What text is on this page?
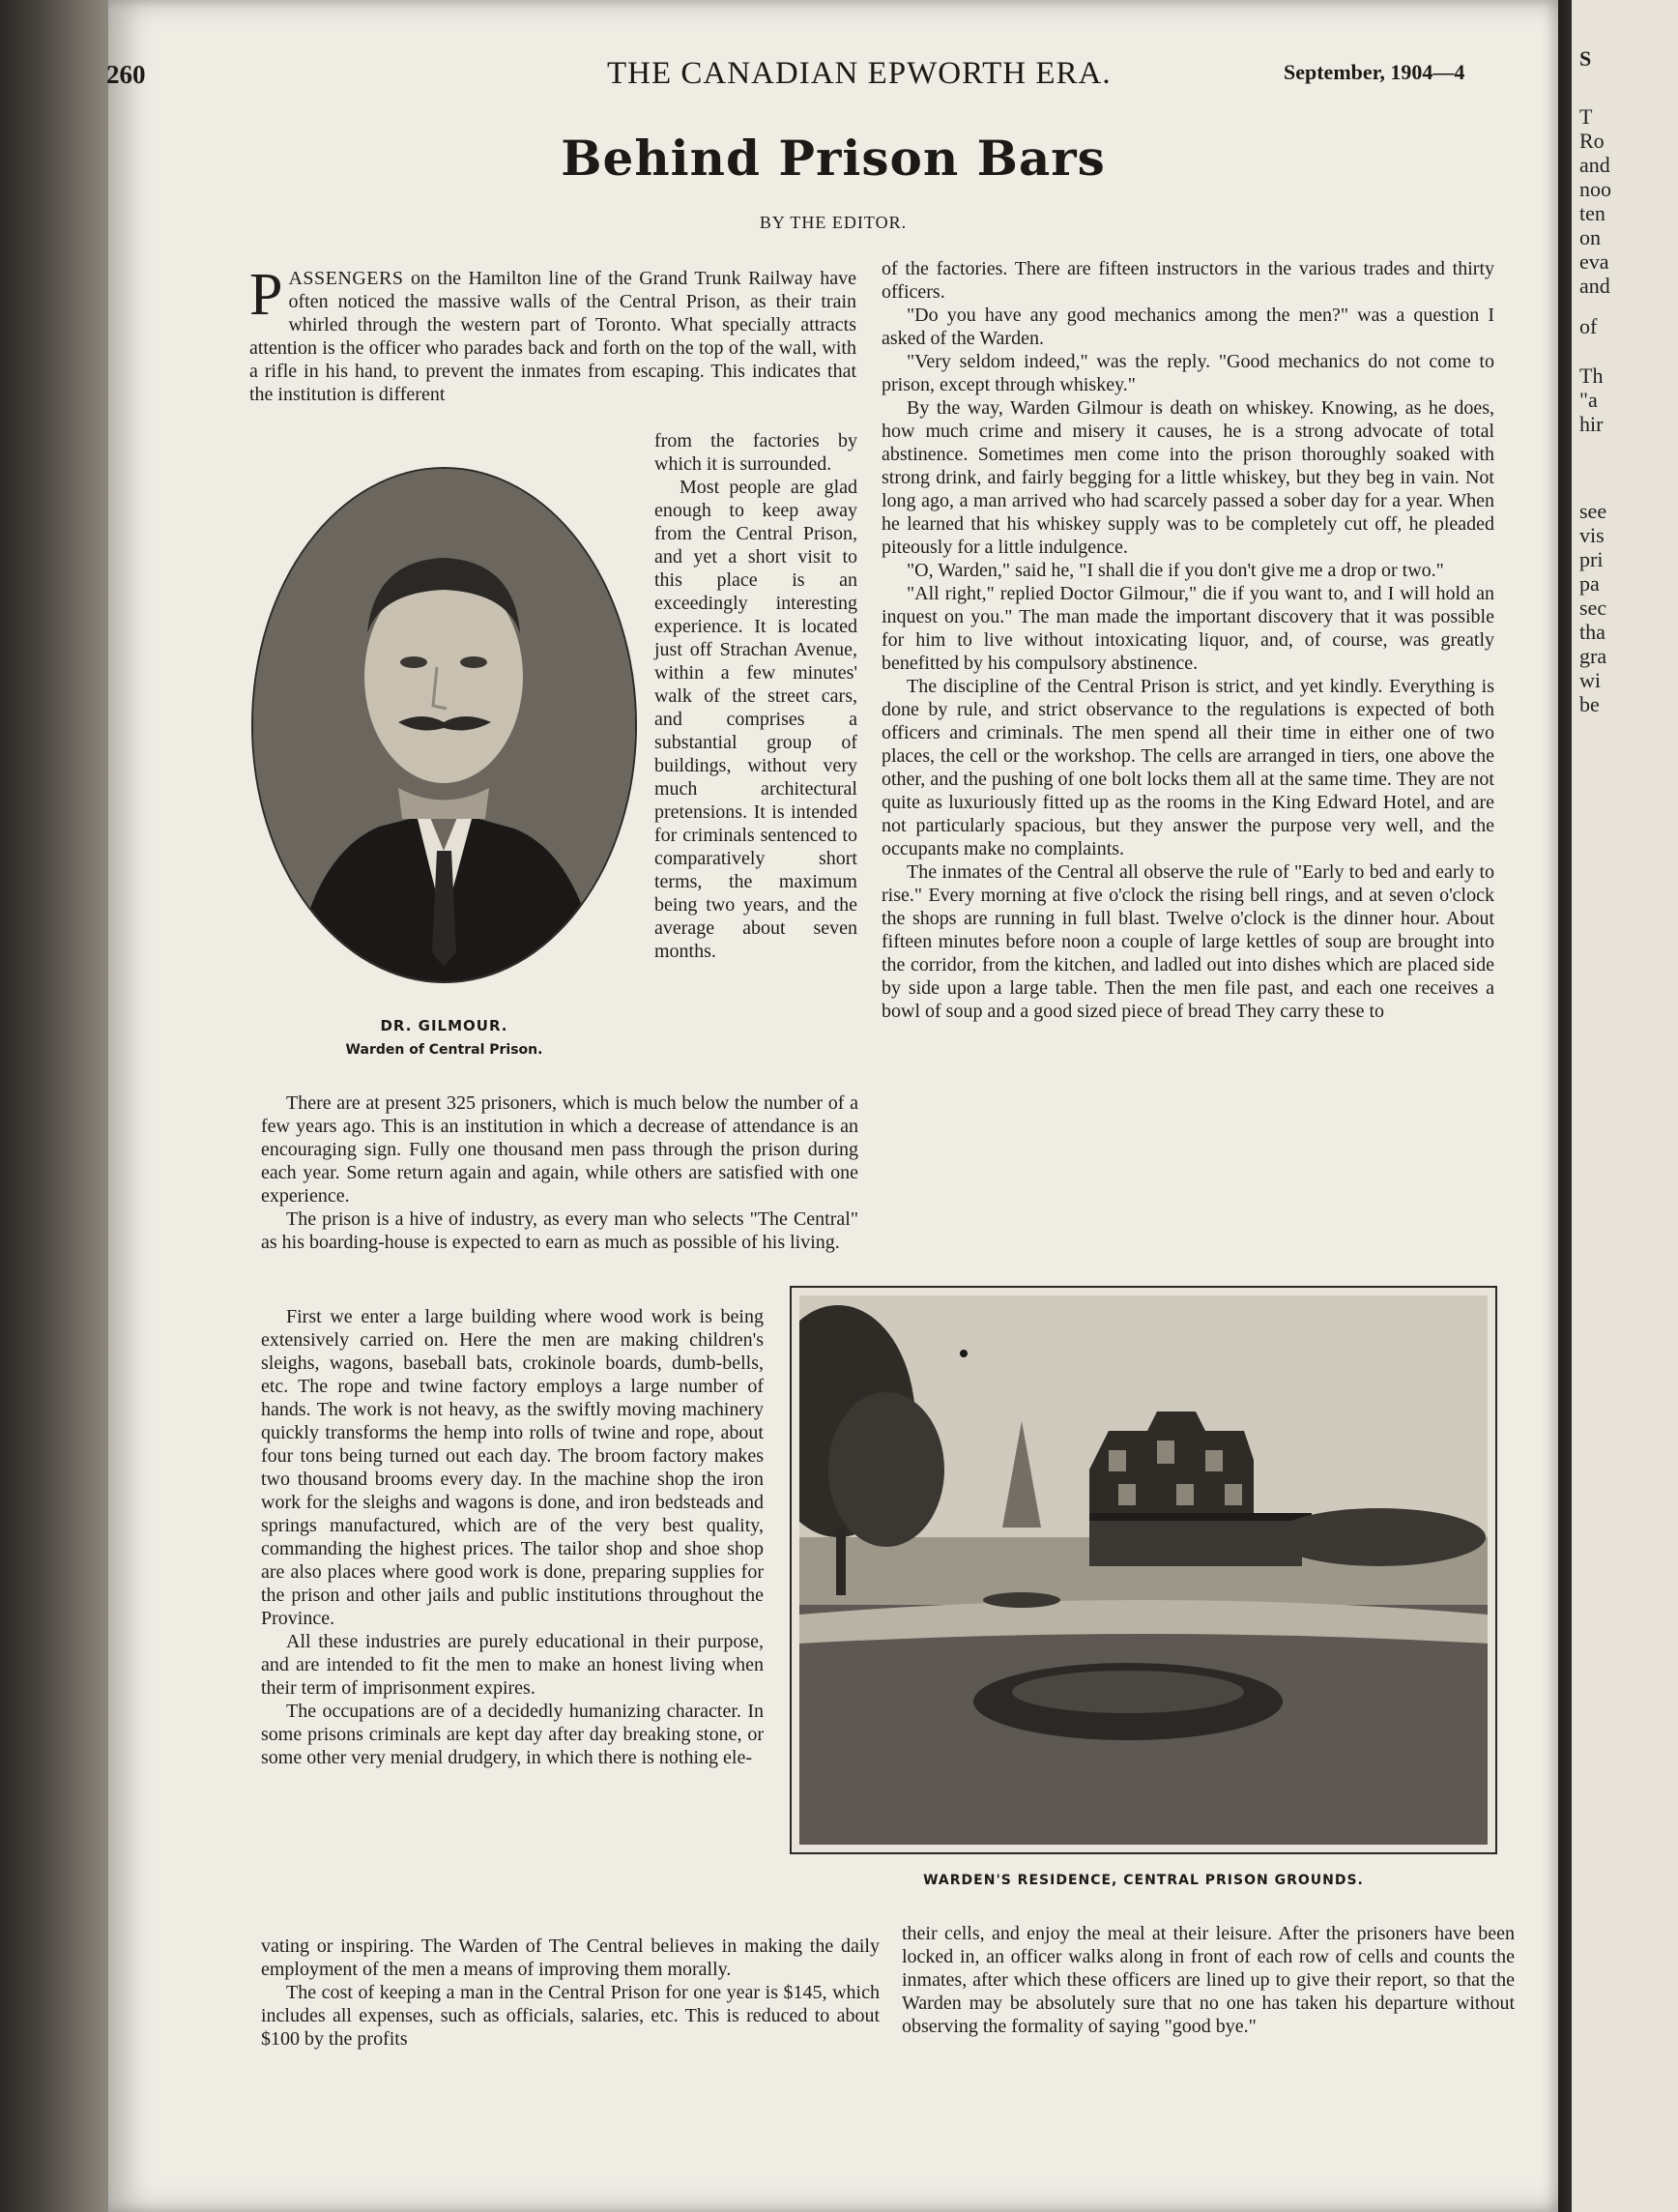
S
T
Ro
and
noo
ten
on
eva
and
of
Th
"a
hir
see
vis
pri
pa
sec
tha
gra
wi
be
260	THE CANADIAN EPWORTH ERA.	September, 1904—4
Behind Prison Bars
BY THE EDITOR.

P ASSENGERS on the Hamilton line of the Grand Trunk Railway have often noticed the massive walls of the Central Prison, as their train whirled through the western part of Toronto. What specially attracts attention is the officer who parades back and forth on the top of the wall, with a rifle in his hand, to prevent the inmates from escaping. This indicates that the institution is different

from the factories by which it is surrounded.

Most people are glad enough to keep away from the Central Prison, and yet a short visit to this place is an exceedingly interesting experience. It is located just off Strachan Avenue, within a few minutes' walk of the street cars, and comprises a substantial group of buildings, without very much architectural pretensions. It is intended for criminals sentenced to comparatively short terms, the maximum being two years, and the average about seven months.

DR. GILMOUR.
Warden of Central Prison.

There are at present 325 prisoners, which is much below the number of a few years ago. This is an institution in which a decrease of attendance is an encouraging sign. Fully one thousand men pass through the prison during each year. Some return again and again, while others are satisfied with one experience.

The prison is a hive of industry, as every man who selects "The Central" as his boarding-house is expected to earn as much as possible of his living.

First we enter a large building where wood work is being extensively carried on. Here the men are making children's sleighs, wagons, baseball bats, crokinole boards, dumb-bells, etc. The rope and twine factory employs a large number of hands. The work is not heavy, as the swiftly moving machinery quickly transforms the hemp into rolls of twine and rope, about four tons being turned out each day. The broom factory makes two thousand brooms every day. In the machine shop the iron work for the sleighs and wagons is done, and iron bedsteads and springs manufactured, which are of the very best quality, commanding the highest prices. The tailor shop and shoe shop are also places where good work is done, preparing supplies for the prison and other jails and public institutions throughout the Province.

All these industries are purely educational in their purpose, and are intended to fit the men to make an honest living when their term of imprisonment expires.

The occupations are of a decidedly humanizing character. In some prisons criminals are kept day after day breaking stone, or some other very menial drudgery, in which there is nothing ele-

vating or inspiring. The Warden of The Central believes in making the daily employment of the men a means of improving them morally.

The cost of keeping a man in the Central Prison for one year is $145, which includes all expenses, such as officials, salaries, etc. This is reduced to about $100 by the profits

of the factories. There are fifteen instructors in the various trades and thirty officers.

"Do you have any good mechanics among the men?" was a question I asked of the Warden.

"Very seldom indeed," was the reply. "Good mechanics do not come to prison, except through whiskey."

By the way, Warden Gilmour is death on whiskey. Knowing, as he does, how much crime and misery it causes, he is a strong advocate of total abstinence. Sometimes men come into the prison thoroughly soaked with strong drink, and fairly begging for a little whiskey, but they beg in vain. Not long ago, a man arrived who had scarcely passed a sober day for a year. When he learned that his whiskey supply was to be completely cut off, he pleaded piteously for a little indulgence.

"O, Warden," said he, "I shall die if you don't give me a drop or two."

"All right," replied Doctor Gilmour," die if you want to, and I will hold an inquest on you." The man made the important discovery that it was possible for him to live without intoxicating liquor, and, of course, was greatly benefitted by his compulsory abstinence.

The discipline of the Central Prison is strict, and yet kindly. Everything is done by rule, and strict observance to the regulations is expected of both officers and criminals. The men spend all their time in either one of two places, the cell or the workshop. The cells are arranged in tiers, one above the other, and the pushing of one bolt locks them all at the same time. They are not quite as luxuriously fitted up as the rooms in the King Edward Hotel, and are not particularly spacious, but they answer the purpose very well, and the occupants make no complaints.

The inmates of the Central all observe the rule of "Early to bed and early to rise." Every morning at five o'clock the rising bell rings, and at seven o'clock the shops are running in full blast. Twelve o'clock is the dinner hour. About fifteen minutes before noon a couple of large kettles of soup are brought into the corridor, from the kitchen, and ladled out into dishes which are placed side by side upon a large table. Then the men file past, and each one receives a bowl of soup and a good sized piece of bread They carry these to

WARDEN'S RESIDENCE, CENTRAL PRISON GROUNDS.

their cells, and enjoy the meal at their leisure. After the prisoners have been locked in, an officer walks along in front of each row of cells and counts the inmates, after which these officers are lined up to give their report, so that the Warden may be absolutely sure that no one has taken his departure without observing the formality of saying "good bye."
